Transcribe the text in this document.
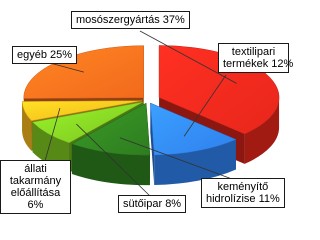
mosószergyártás 37%
textilipari
termékek 12%
egyéb 25%
keményítő
hidrolízise 11%
sütőipar 8%
állati
takarmány
előállítása
6%
